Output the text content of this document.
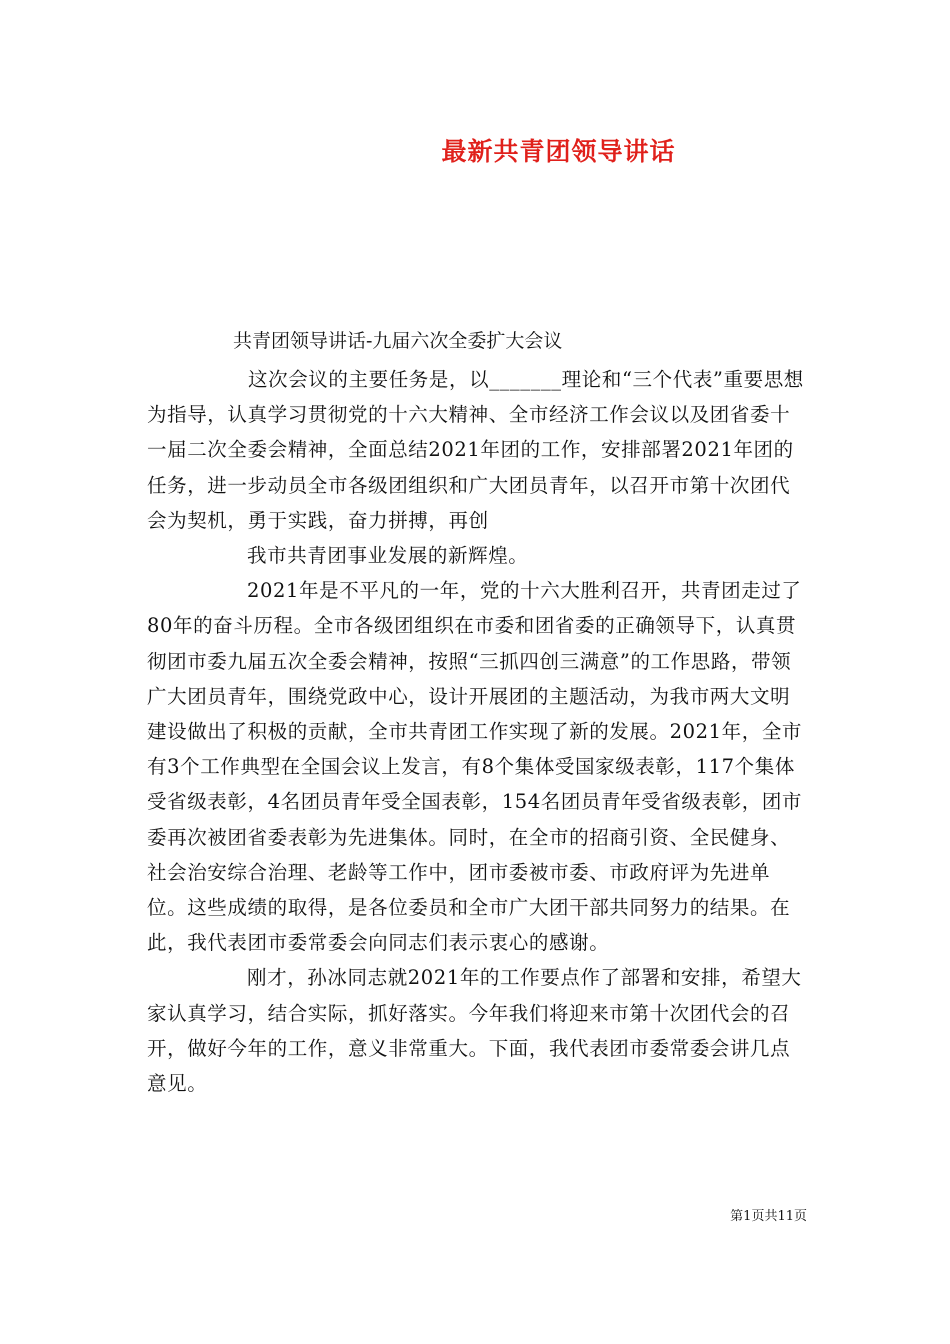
最新共青团领导讲话

共青团领导讲话-九届六次全委扩大会议

这次会议的主要任务是，以_______理论和“三个代表”重要思想为指导，认真学习贯彻党的十六大精神、全市经济工作会议以及团省委十一届二次全委会精神，全面总结2021年团的工作，安排部署2021年团的任务，进一步动员全市各级团组织和广大团员青年，以召开市第十次团代会为契机，勇于实践，奋力拼搏，再创

我市共青团事业发展的新辉煌。

2021年是不平凡的一年，党的十六大胜利召开，共青团走过了80年的奋斗历程。全市各级团组织在市委和团省委的正确领导下，认真贯彻团市委九届五次全委会精神，按照“三抓四创三满意”的工作思路，带领广大团员青年，围绕党政中心，设计开展团的主题活动，为我市两大文明建设做出了积极的贡献，全市共青团工作实现了新的发展。2021年，全市有3个工作典型在全国会议上发言，有8个集体受国家级表彰，117个集体受省级表彰，4名团员青年受全国表彰，154名团员青年受省级表彰，团市委再次被团省委表彰为先进集体。同时，在全市的招商引资、全民健身、社会治安综合治理、老龄等工作中，团市委被市委、市政府评为先进单位。这些成绩的取得，是各位委员和全市广大团干部共同努力的结果。在此，我代表团市委常委会向同志们表示衷心的感谢。

刚才，孙冰同志就2021年的工作要点作了部署和安排，希望大家认真学习，结合实际，抓好落实。今年我们将迎来市第十次团代会的召开，做好今年的工作，意义非常重大。下面，我代表团市委常委会讲几点意见。

第1页共11页
